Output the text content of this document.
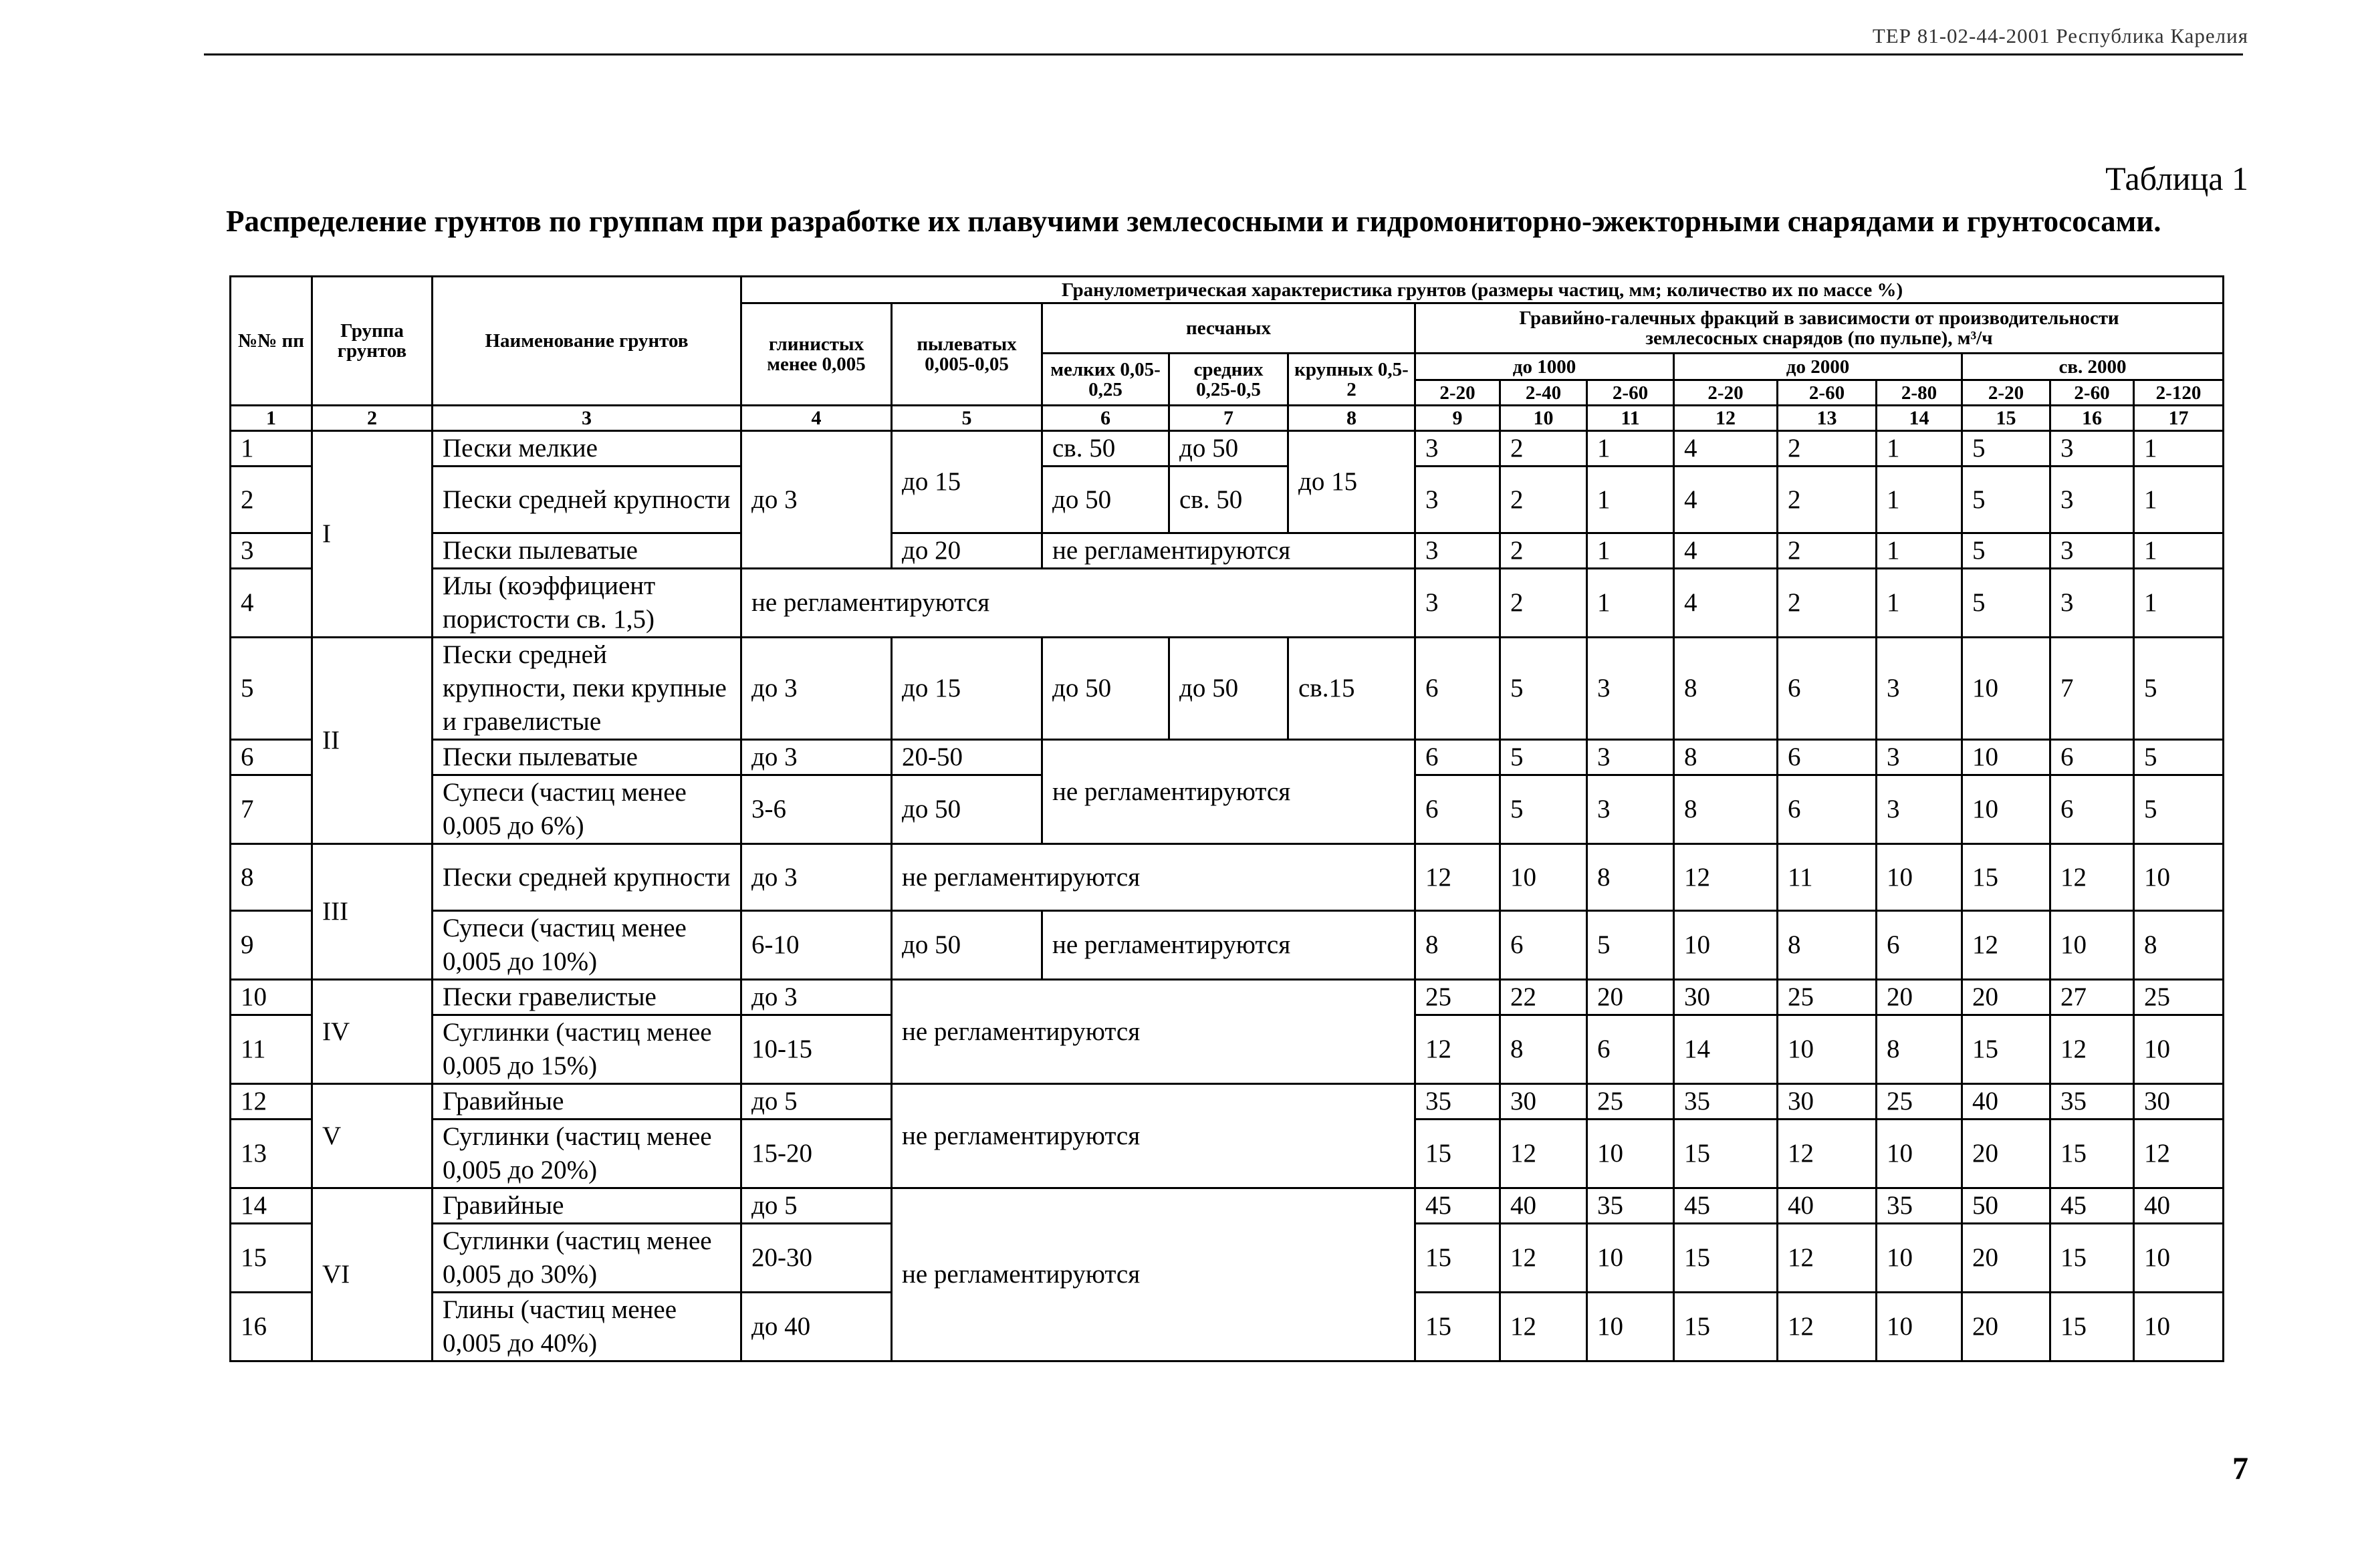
ТЕР 81-02-44-2001 Республика Карелия
Таблица 1
Распределение грунтов по группам при разработке их плавучими землесосными и гидромониторно-эжекторными снарядами и грунтососами.
№№ пп	Группа грунтов	Наименование грунтов	Гранулометрическая характеристика грунтов (размеры частиц, мм; количество их по массе %)													
			глинистых менее 0,005	пылеватых 0,005-0,05	песчаных			Гравийно-галечных фракций в зависимости от производительности
землесосных снарядов (по пульпе), м³/ч								
					мелких 0,05-0,25	средних 0,25-0,5	крупных 0,5-2	до 1000			до 2000			св. 2000		
								2-20	2-40	2-60	2-20	2-60	2-80	2-20	2-60	2-120
1	2	3	4	5	6	7	8	9	10	11	12	13	14	15	16	17
1	I	Пески мелкие	до 3	до 15	св. 50	до 50	до 15	3	2	1	4	2	1	5	3	1
2		Пески средней крупности			до 50	св. 50		3	2	1	4	2	1	5	3	1
3		Пески пылеватые		до 20	не регламентируются			3	2	1	4	2	1	5	3	1
4		Илы (коэффициент пористости св. 1,5)	не регламентируются					3	2	1	4	2	1	5	3	1
5	II	Пески средней крупности, пеки крупные и гравелистые	до 3	до 15	до 50	до 50	св.15	6	5	3	8	6	3	10	7	5
6		Пески пылеватые	до 3	20-50	не регламентируются			6	5	3	8	6	3	10	6	5
7		Супеси (частиц менее 0,005 до 6%)	3-6	до 50				6	5	3	8	6	3	10	6	5
8	III	Пески средней крупности	до 3	не регламентируются				12	10	8	12	11	10	15	12	10
9		Супеси (частиц менее 0,005 до 10%)	6-10	до 50	не регламентируются			8	6	5	10	8	6	12	10	8
10	IV	Пески гравелистые	до 3	не регламентируются				25	22	20	30	25	20	20	27	25
11		Суглинки (частиц менее 0,005 до 15%)	10-15					12	8	6	14	10	8	15	12	10
12	V	Гравийные	до 5	не регламентируются				35	30	25	35	30	25	40	35	30
13		Суглинки (частиц менее 0,005 до 20%)	15-20					15	12	10	15	12	10	20	15	12
14	VI	Гравийные	до 5	не регламентируются				45	40	35	45	40	35	50	45	40
15		Суглинки (частиц менее 0,005 до 30%)	20-30					15	12	10	15	12	10	20	15	10
16		Глины (частиц менее 0,005 до 40%)	до 40					15	12	10	15	12	10	20	15	10
7
